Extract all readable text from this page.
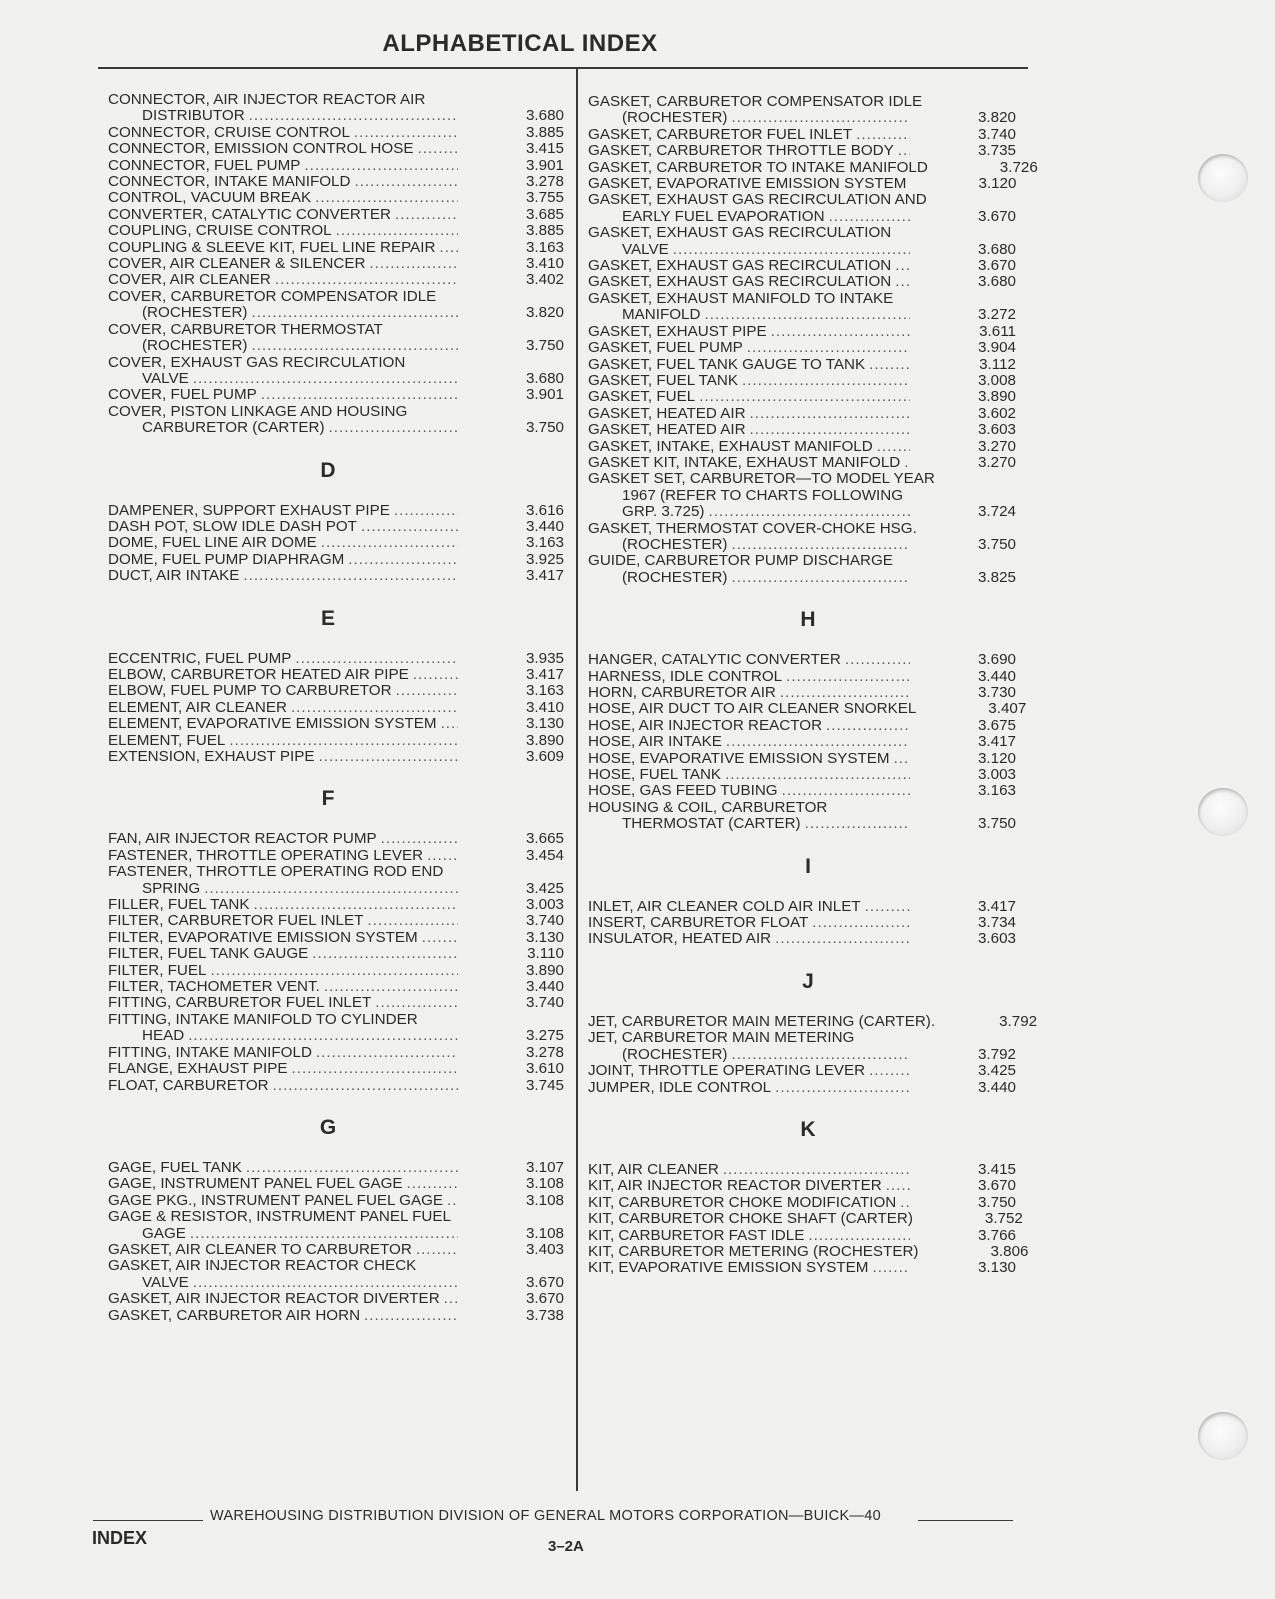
ALPHABETICAL INDEX
CONNECTOR, AIR INJECTOR REACTOR AIR
DISTRIBUTOR .....	3.680
CONNECTOR, CRUISE CONTROL .....	3.885
CONNECTOR, EMISSION CONTROL HOSE .....	3.415
CONNECTOR, FUEL PUMP .....	3.901
CONNECTOR, INTAKE MANIFOLD .....	3.278
CONTROL, VACUUM BREAK .....	3.755
CONVERTER, CATALYTIC CONVERTER .....	3.685
COUPLING, CRUISE CONTROL .....	3.885
COUPLING & SLEEVE KIT, FUEL LINE REPAIR .....	3.163
COVER, AIR CLEANER & SILENCER .....	3.410
COVER, AIR CLEANER .....	3.402
COVER, CARBURETOR COMPENSATOR IDLE
(ROCHESTER) .....	3.820
COVER, CARBURETOR THERMOSTAT
(ROCHESTER) .....	3.750
COVER, EXHAUST GAS RECIRCULATION
VALVE .....	3.680
COVER, FUEL PUMP .....	3.901
COVER, PISTON LINKAGE AND HOUSING
CARBURETOR (CARTER) .....	3.750
D
DAMPENER, SUPPORT EXHAUST PIPE .....	3.616
DASH POT, SLOW IDLE DASH POT .....	3.440
DOME, FUEL LINE AIR DOME .....	3.163
DOME, FUEL PUMP DIAPHRAGM .....	3.925
DUCT, AIR INTAKE .....	3.417
E
ECCENTRIC, FUEL PUMP .....	3.935
ELBOW, CARBURETOR HEATED AIR PIPE .....	3.417
ELBOW, FUEL PUMP TO CARBURETOR .....	3.163
ELEMENT, AIR CLEANER .....	3.410
ELEMENT, EVAPORATIVE EMISSION SYSTEM .....	3.130
ELEMENT, FUEL .....	3.890
EXTENSION, EXHAUST PIPE .....	3.609
F
FAN, AIR INJECTOR REACTOR PUMP .....	3.665
FASTENER, THROTTLE OPERATING LEVER .....	3.454
FASTENER, THROTTLE OPERATING ROD END
SPRING .....	3.425
FILLER, FUEL TANK .....	3.003
FILTER, CARBURETOR FUEL INLET .....	3.740
FILTER, EVAPORATIVE EMISSION SYSTEM .....	3.130
FILTER, FUEL TANK GAUGE .....	3.110
FILTER, FUEL .....	3.890
FILTER, TACHOMETER VENT. .....	3.440
FITTING, CARBURETOR FUEL INLET .....	3.740
FITTING, INTAKE MANIFOLD TO CYLINDER
HEAD .....	3.275
FITTING, INTAKE MANIFOLD .....	3.278
FLANGE, EXHAUST PIPE .....	3.610
FLOAT, CARBURETOR .....	3.745
G
GAGE, FUEL TANK .....	3.107
GAGE, INSTRUMENT PANEL FUEL GAGE .....	3.108
GAGE PKG., INSTRUMENT PANEL FUEL GAGE .....	3.108
GAGE & RESISTOR, INSTRUMENT PANEL FUEL
GAGE .....	3.108
GASKET, AIR CLEANER TO CARBURETOR .....	3.403
GASKET, AIR INJECTOR REACTOR CHECK
VALVE .....	3.670
GASKET, AIR INJECTOR REACTOR DIVERTER .....	3.670
GASKET, CARBURETOR AIR HORN .....	3.738
GASKET, CARBURETOR COMPENSATOR IDLE
(ROCHESTER) .....	3.820
GASKET, CARBURETOR FUEL INLET .....	3.740
GASKET, CARBURETOR THROTTLE BODY .....	3.735
GASKET, CARBURETOR TO INTAKE MANIFOLD	3.726
GASKET, EVAPORATIVE EMISSION SYSTEM	3.120
GASKET, EXHAUST GAS RECIRCULATION AND
EARLY FUEL EVAPORATION .....	3.670
GASKET, EXHAUST GAS RECIRCULATION
VALVE .....	3.680
GASKET, EXHAUST GAS RECIRCULATION .....	3.670
GASKET, EXHAUST GAS RECIRCULATION .....	3.680
GASKET, EXHAUST MANIFOLD TO INTAKE
MANIFOLD .....	3.272
GASKET, EXHAUST PIPE .....	3.611
GASKET, FUEL PUMP .....	3.904
GASKET, FUEL TANK GAUGE TO TANK .....	3.112
GASKET, FUEL TANK .....	3.008
GASKET, FUEL .....	3.890
GASKET, HEATED AIR .....	3.602
GASKET, HEATED AIR .....	3.603
GASKET, INTAKE, EXHAUST MANIFOLD .....	3.270
GASKET KIT, INTAKE, EXHAUST MANIFOLD .....	3.270
GASKET SET, CARBURETOR—TO MODEL YEAR
1967 (REFER TO CHARTS FOLLOWING
GRP. 3.725) .....	3.724
GASKET, THERMOSTAT COVER-CHOKE HSG.
(ROCHESTER) .....	3.750
GUIDE, CARBURETOR PUMP DISCHARGE
(ROCHESTER) .....	3.825
H
HANGER, CATALYTIC CONVERTER .....	3.690
HARNESS, IDLE CONTROL .....	3.440
HORN, CARBURETOR AIR .....	3.730
HOSE, AIR DUCT TO AIR CLEANER SNORKEL	3.407
HOSE, AIR INJECTOR REACTOR .....	3.675
HOSE, AIR INTAKE .....	3.417
HOSE, EVAPORATIVE EMISSION SYSTEM .....	3.120
HOSE, FUEL TANK .....	3.003
HOSE, GAS FEED TUBING .....	3.163
HOUSING & COIL, CARBURETOR
THERMOSTAT (CARTER) .....	3.750
I
INLET, AIR CLEANER COLD AIR INLET .....	3.417
INSERT, CARBURETOR FLOAT .....	3.734
INSULATOR, HEATED AIR .....	3.603
J
JET, CARBURETOR MAIN METERING (CARTER).	3.792
JET, CARBURETOR MAIN METERING
(ROCHESTER) .....	3.792
JOINT, THROTTLE OPERATING LEVER .....	3.425
JUMPER, IDLE CONTROL .....	3.440
K
KIT, AIR CLEANER .....	3.415
KIT, AIR INJECTOR REACTOR DIVERTER .....	3.670
KIT, CARBURETOR CHOKE MODIFICATION .....	3.750
KIT, CARBURETOR CHOKE SHAFT (CARTER)	3.752
KIT, CARBURETOR FAST IDLE .....	3.766
KIT, CARBURETOR METERING (ROCHESTER)	3.806
KIT, EVAPORATIVE EMISSION SYSTEM .....	3.130
WAREHOUSING DISTRIBUTION DIVISION OF GENERAL MOTORS CORPORATION—BUICK—40
INDEX	3–2A
